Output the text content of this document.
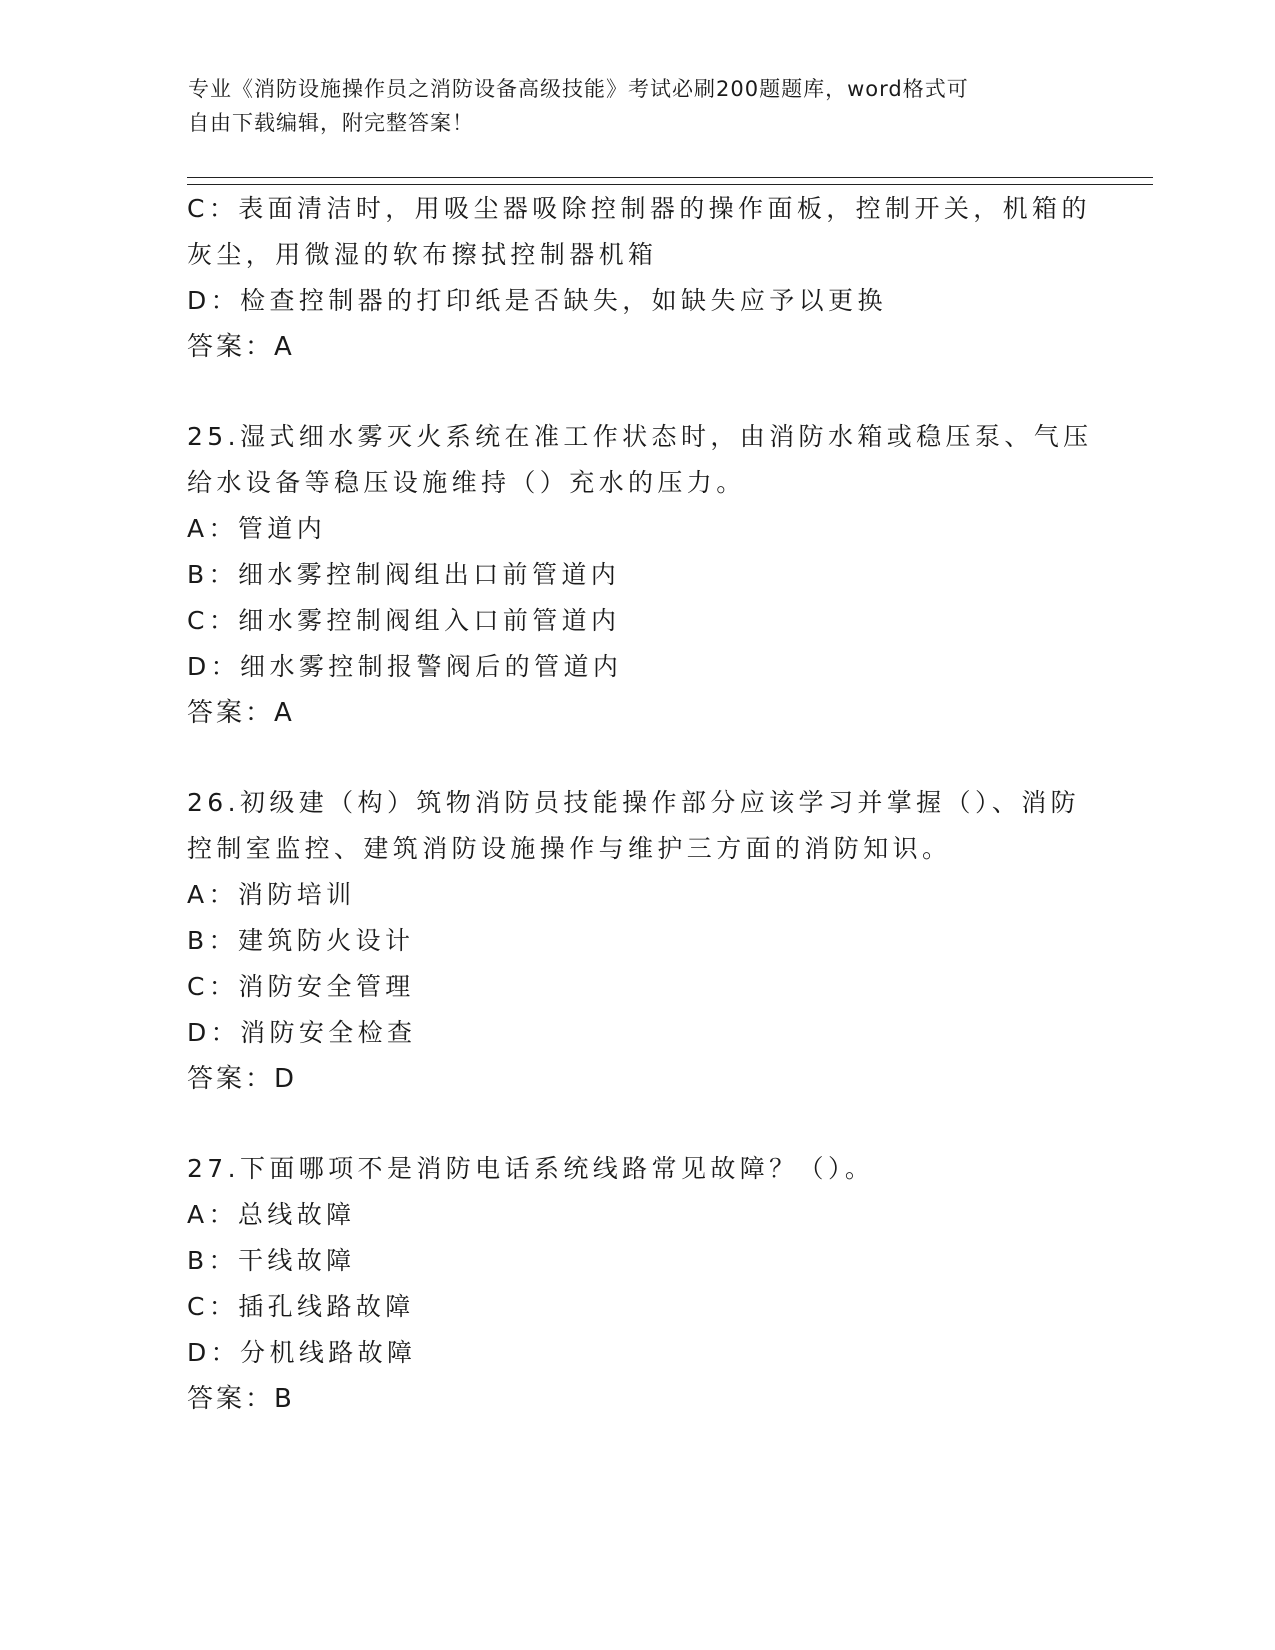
专业《消防设施操作员之消防设备高级技能》考试必刷200题题库，word格式可
自由下载编辑，附完整答案！
C：表面清洁时，用吸尘器吸除控制器的操作面板，控制开关，机箱的
灰尘，用微湿的软布擦拭控制器机箱
D：检查控制器的打印纸是否缺失，如缺失应予以更换
答案：A
25.湿式细水雾灭火系统在准工作状态时，由消防水箱或稳压泵、气压
给水设备等稳压设施维持（）充水的压力。
A：管道内
B：细水雾控制阀组出口前管道内
C：细水雾控制阀组入口前管道内
D：细水雾控制报警阀后的管道内
答案：A
26.初级建（构）筑物消防员技能操作部分应该学习并掌握（）、消防
控制室监控、建筑消防设施操作与维护三方面的消防知识。
A：消防培训
B：建筑防火设计
C：消防安全管理
D：消防安全检查
答案：D
27.下面哪项不是消防电话系统线路常见故障？（）。
A：总线故障
B：干线故障
C：插孔线路故障
D：分机线路故障
答案：B
